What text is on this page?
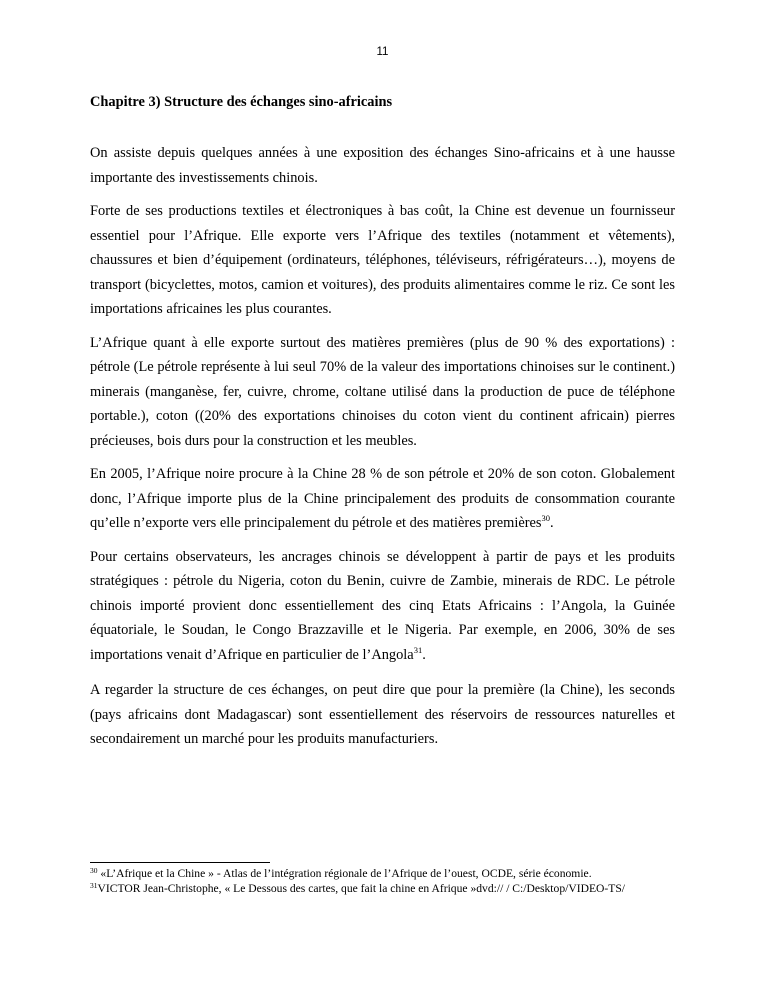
11
Chapitre 3) Structure des échanges sino-africains

On assiste depuis quelques années à une exposition des échanges Sino-africains et à une hausse importante des investissements chinois.

Forte de ses productions textiles et électroniques à bas coût, la Chine est devenue un fournisseur essentiel pour l’Afrique. Elle exporte vers l’Afrique des textiles (notamment et vêtements), chaussures et bien d’équipement (ordinateurs, téléphones, téléviseurs, réfrigérateurs…), moyens de transport (bicyclettes, motos, camion et voitures), des produits alimentaires comme le riz. Ce sont les importations africaines les plus courantes.

L’Afrique quant à elle exporte surtout des matières premières (plus de 90 % des exportations) : pétrole (Le pétrole représente à lui seul 70% de la valeur des importations chinoises sur le continent.) minerais (manganèse, fer, cuivre, chrome, coltane utilisé dans la production de puce de téléphone portable.), coton ((20% des exportations chinoises du coton vient du continent africain) pierres précieuses, bois durs pour la construction et les meubles.

En 2005, l’Afrique noire procure à la Chine 28 % de son pétrole et 20% de son coton. Globalement donc, l’Afrique importe plus de la Chine principalement des produits de consommation courante qu’elle n’exporte vers elle principalement du pétrole et des matières premières$^{30}$.

Pour certains observateurs, les ancrages chinois se développent à partir de pays et les produits stratégiques : pétrole du Nigeria, coton du Benin, cuivre de Zambie, minerais de RDC. Le pétrole chinois importé provient donc essentiellement des cinq Etats Africains : l’Angola, la Guinée équatoriale, le Soudan, le Congo Brazzaville et le Nigeria. Par exemple, en 2006, 30% de ses importations venait d’Afrique en particulier de l’Angola$^{31}$.

A regarder la structure de ces échanges, on peut dire que pour la première (la Chine), les seconds (pays africains dont Madagascar) sont essentiellement des réservoirs de ressources naturelles et secondairement un marché pour les produits manufacturiers.

$^{30}$ «L’Afrique et la Chine » - Atlas de l’intégration régionale de l’Afrique de l’ouest, OCDE, série économie.
$^{31}$VICTOR Jean-Christophe, « Le Dessous des cartes, que fait la chine en Afrique »dvd:// / C:/Desktop/VIDEO-TS/
